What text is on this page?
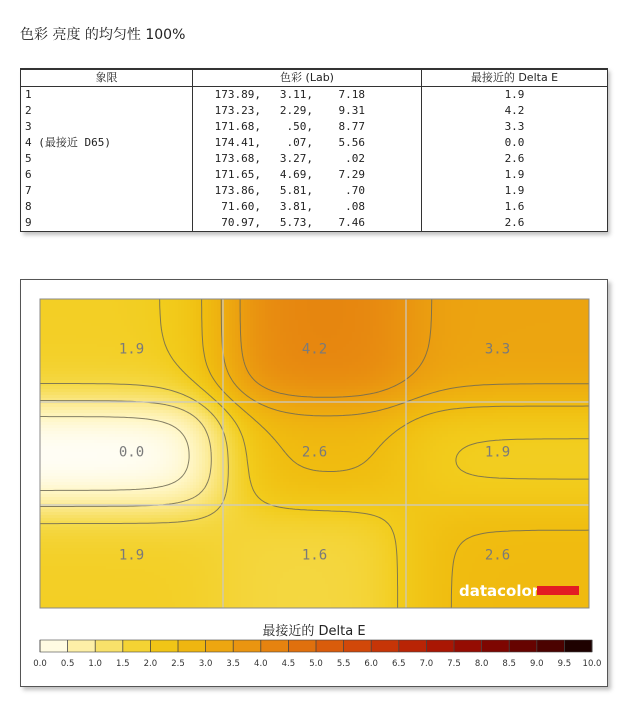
色彩 亮度 的均匀性 100%
象限	色彩 (Lab)	最接近的 Delta E
1	173.89, 3.11, 7.18	1.9
2	173.23, 2.29, 9.31	4.2
3	171.68, .50, 8.77	3.3
4 (最接近 D65)	174.41, .07, 5.56	0.0
5	173.68, 3.27, .02	2.6
6	171.65, 4.69, 7.29	1.9
7	173.86, 5.81, .70	1.9
8	71.60, 3.81, .08	1.6
9	70.97, 5.73, 7.46	2.6
1.9	4.2	3.3
0.0	2.6	1.9
1.9	1.6	2.6
datacolor
最接近的 Delta E
0.0 0.5 1.0 1.5 2.0 2.5 3.0 3.5 4.0 4.5 5.0 5.5 6.0 6.5 7.0 7.5 8.0 8.5 9.0 9.5 10.0
